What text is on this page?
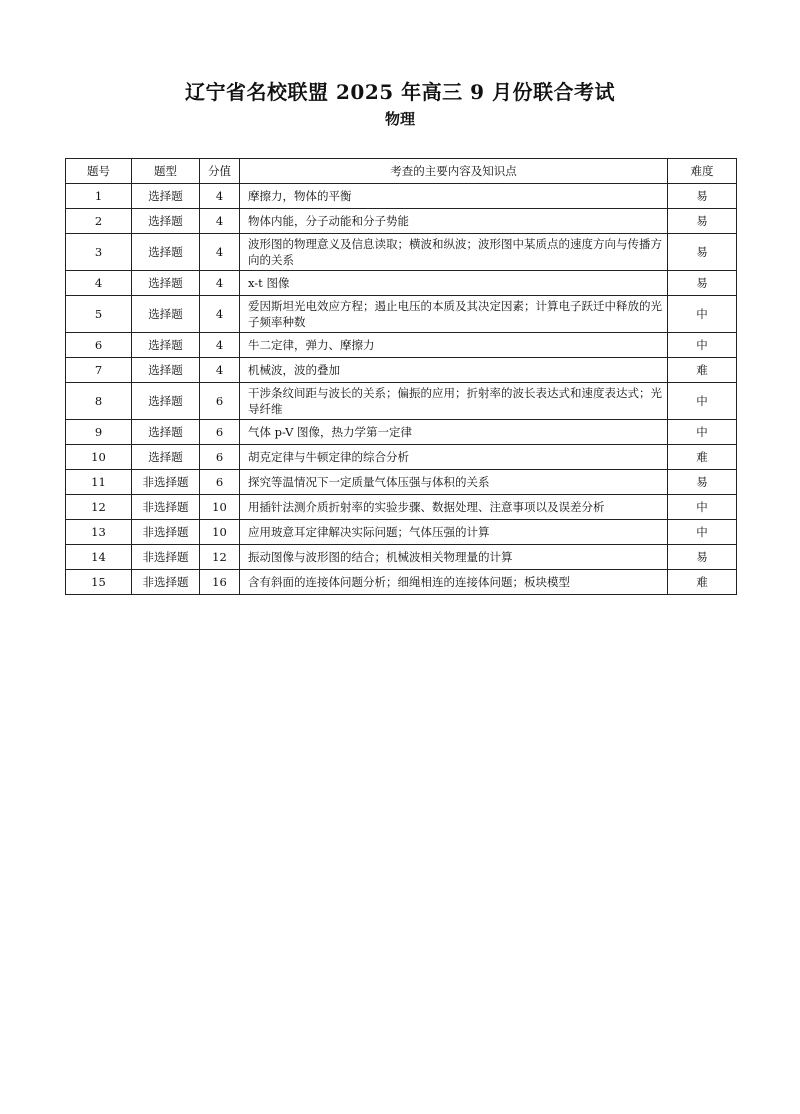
辽宁省名校联盟 2025 年高三 9 月份联合考试
物理
题号	题型	分值	考查的主要内容及知识点	难度
1	选择题	4	摩擦力，物体的平衡	易
2	选择题	4	物体内能，分子动能和分子势能	易
3	选择题	4	波形图的物理意义及信息读取；横波和纵波；波形图中某质点的速度方向与传播方向的关系	易
4	选择题	4	x-t 图像	易
5	选择题	4	爱因斯坦光电效应方程；遏止电压的本质及其决定因素；计算电子跃迁中释放的光子频率种数	中
6	选择题	4	牛二定律，弹力、摩擦力	中
7	选择题	4	机械波，波的叠加	难
8	选择题	6	干涉条纹间距与波长的关系；偏振的应用；折射率的波长表达式和速度表达式；光导纤维	中
9	选择题	6	气体 p-V 图像，热力学第一定律	中
10	选择题	6	胡克定律与牛顿定律的综合分析	难
11	非选择题	6	探究等温情况下一定质量气体压强与体积的关系	易
12	非选择题	10	用插针法测介质折射率的实验步骤、数据处理、注意事项以及误差分析	中
13	非选择题	10	应用玻意耳定律解决实际问题；气体压强的计算	中
14	非选择题	12	振动图像与波形图的结合；机械波相关物理量的计算	易
15	非选择题	16	含有斜面的连接体问题分析；细绳相连的连接体问题；板块模型	难
